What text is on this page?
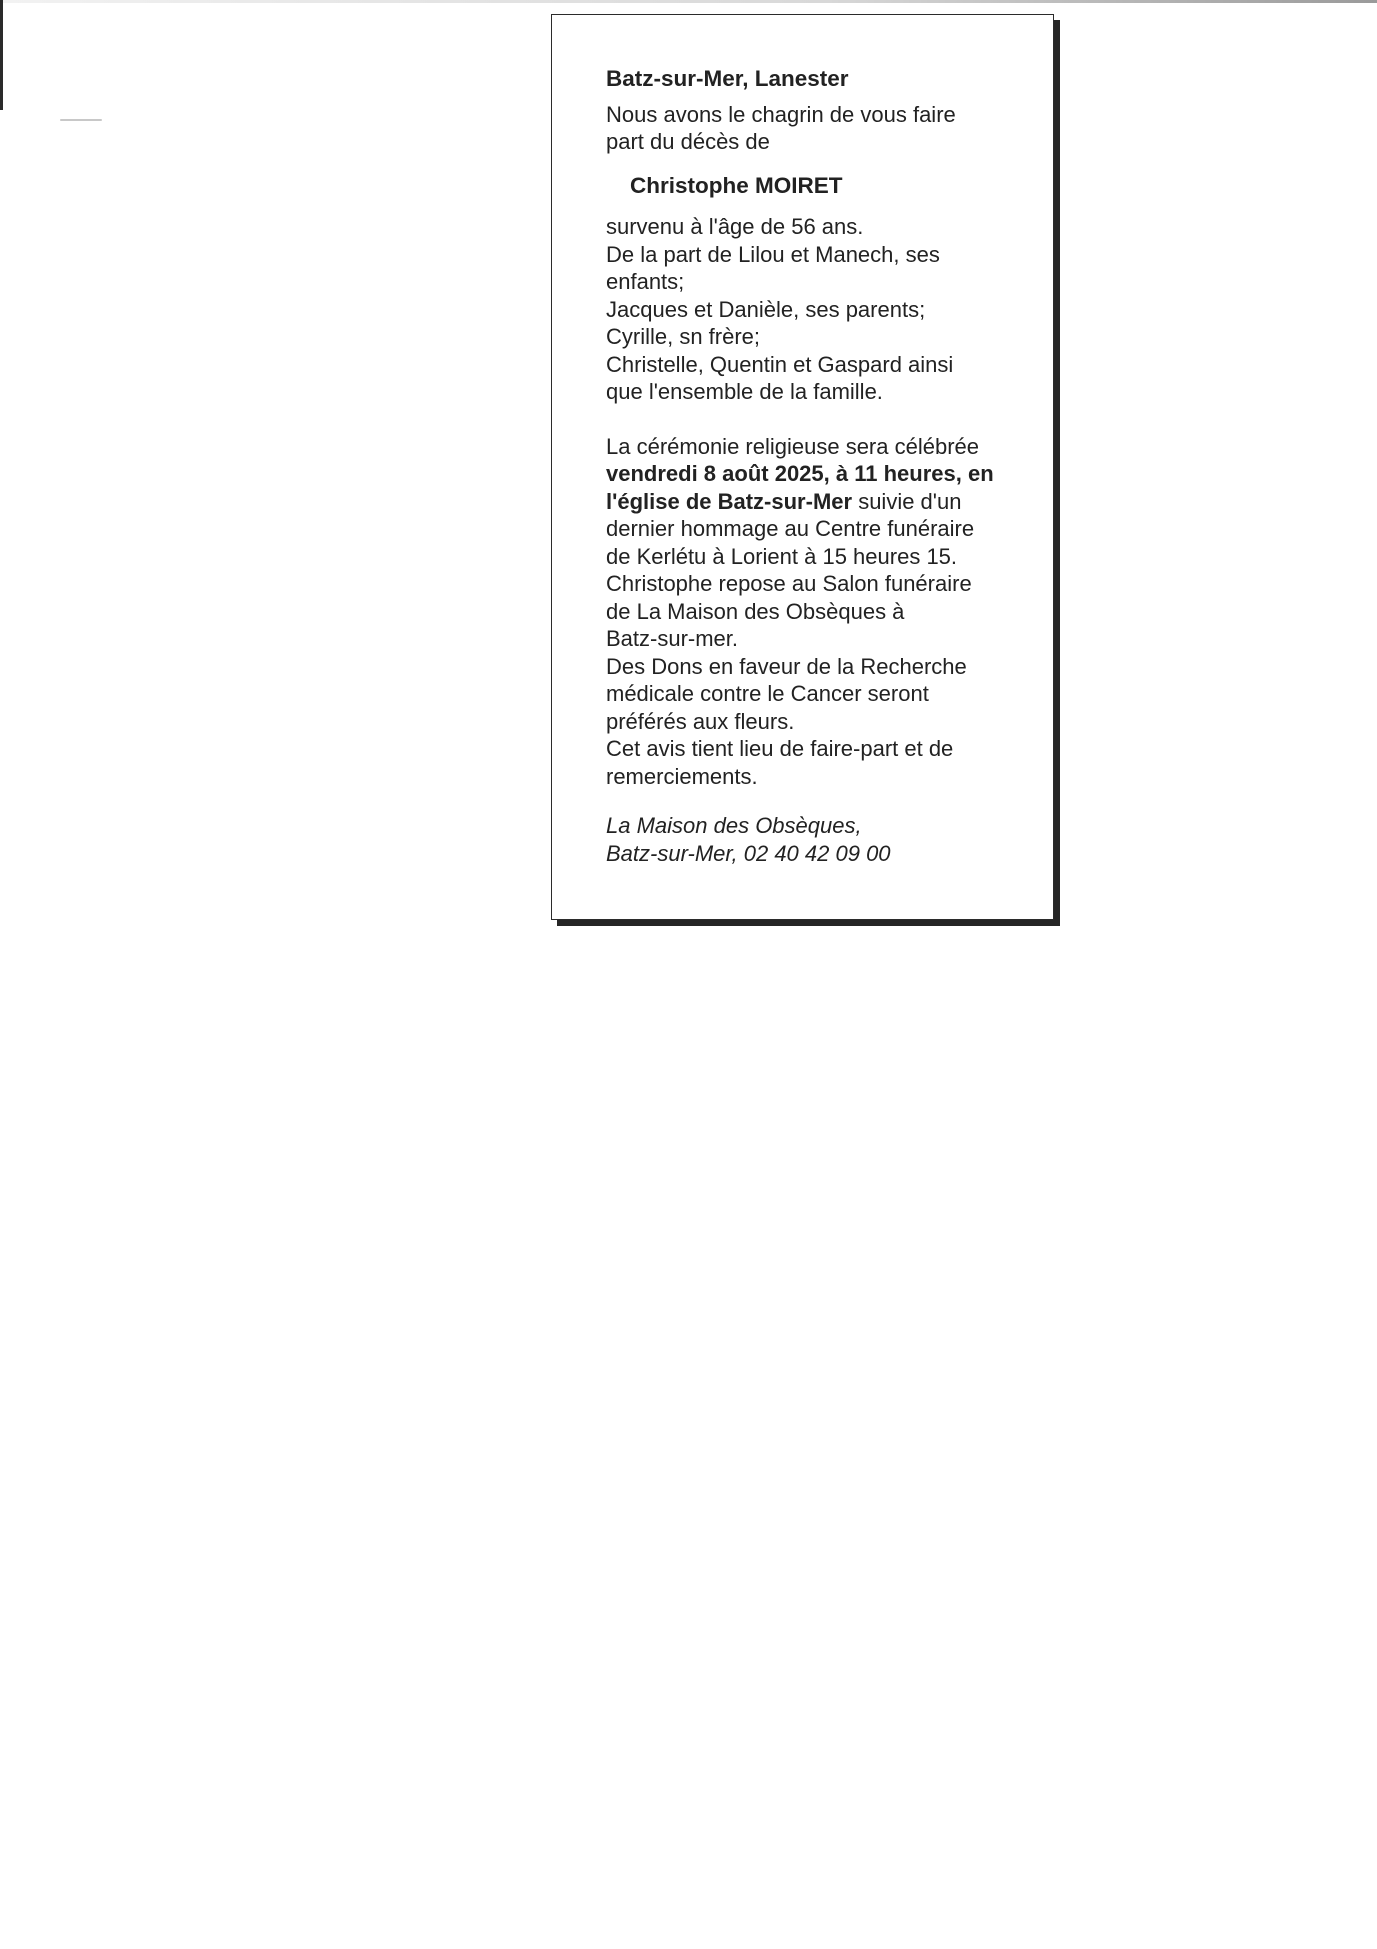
Batz-sur-Mer, Lanester

Nous avons le chagrin de vous faire

part du décès de

Christophe MOIRET

survenu à l'âge de 56 ans.

De la part de Lilou et Manech, ses

enfants;

Jacques et Danièle, ses parents;

Cyrille, sn frère;

Christelle, Quentin et Gaspard ainsi

que l'ensemble de la famille.

La cérémonie religieuse sera célébrée

vendredi 8 août 2025, à 11 heures, en

l'église de Batz-sur-Mer suivie d'un

dernier hommage au Centre funéraire

de Kerlétu à Lorient à 15 heures 15.

Christophe repose au Salon funéraire

de La Maison des Obsèques à

Batz-sur-mer.

Des Dons en faveur de la Recherche

médicale contre le Cancer seront

préférés aux fleurs.

Cet avis tient lieu de faire-part et de

remerciements.

La Maison des Obsèques,

Batz-sur-Mer, 02 40 42 09 00
